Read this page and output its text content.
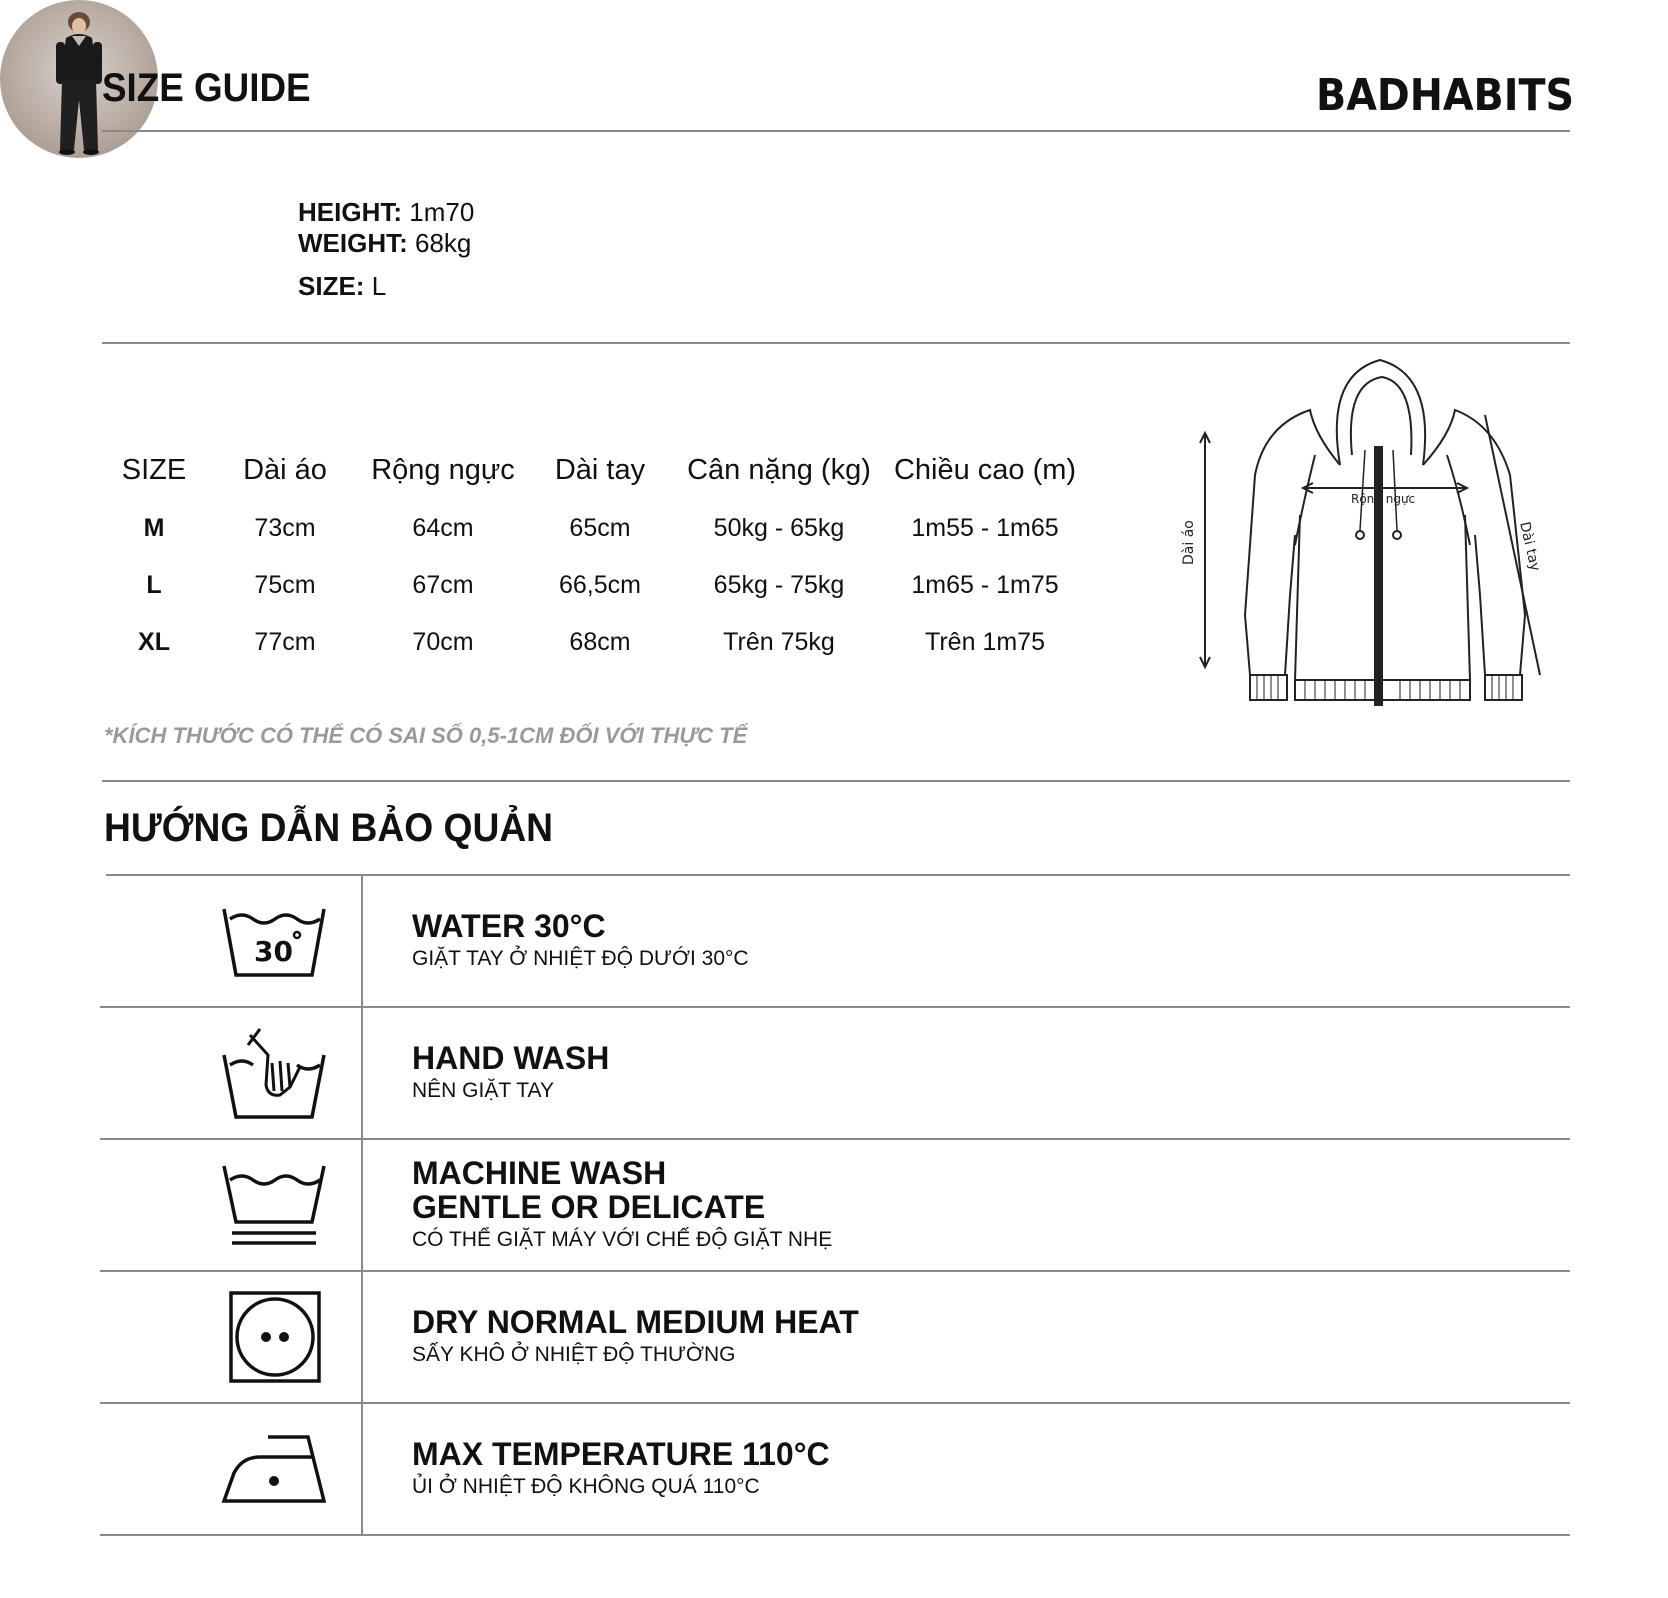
SIZE GUIDE	BADHABITS
HEIGHT: 1m70
WEIGHT: 68kg
SIZE: L
SIZE	Dài áo	Rộng ngực	Dài tay	Cân nặng (kg)	Chiều cao (m)
M	73cm	64cm	65cm	50kg - 65kg	1m55 - 1m65
L	75cm	67cm	66,5cm	65kg - 75kg	1m65 - 1m75
XL	77cm	70cm	68cm	Trên 75kg	Trên 1m75
*KÍCH THƯỚC CÓ THỂ CÓ SAI SỐ 0,5-1CM ĐỐI VỚI THỰC TẾ
Dài áo
Rộng ngực
Dài tay
HƯỚNG DẪN BẢO QUẢN
30
WATER 30°C
GIẶT TAY Ở NHIỆT ĐỘ DƯỚI 30°C
HAND WASH
NÊN GIẶT TAY
MACHINE WASH
GENTLE OR DELICATE
CÓ THỂ GIẶT MÁY VỚI CHẾ ĐỘ GIẶT NHẸ
DRY NORMAL MEDIUM HEAT
SẤY KHÔ Ở NHIỆT ĐỘ THƯỜNG
MAX TEMPERATURE 110°C
ỦI Ở NHIỆT ĐỘ KHÔNG QUÁ 110°C
